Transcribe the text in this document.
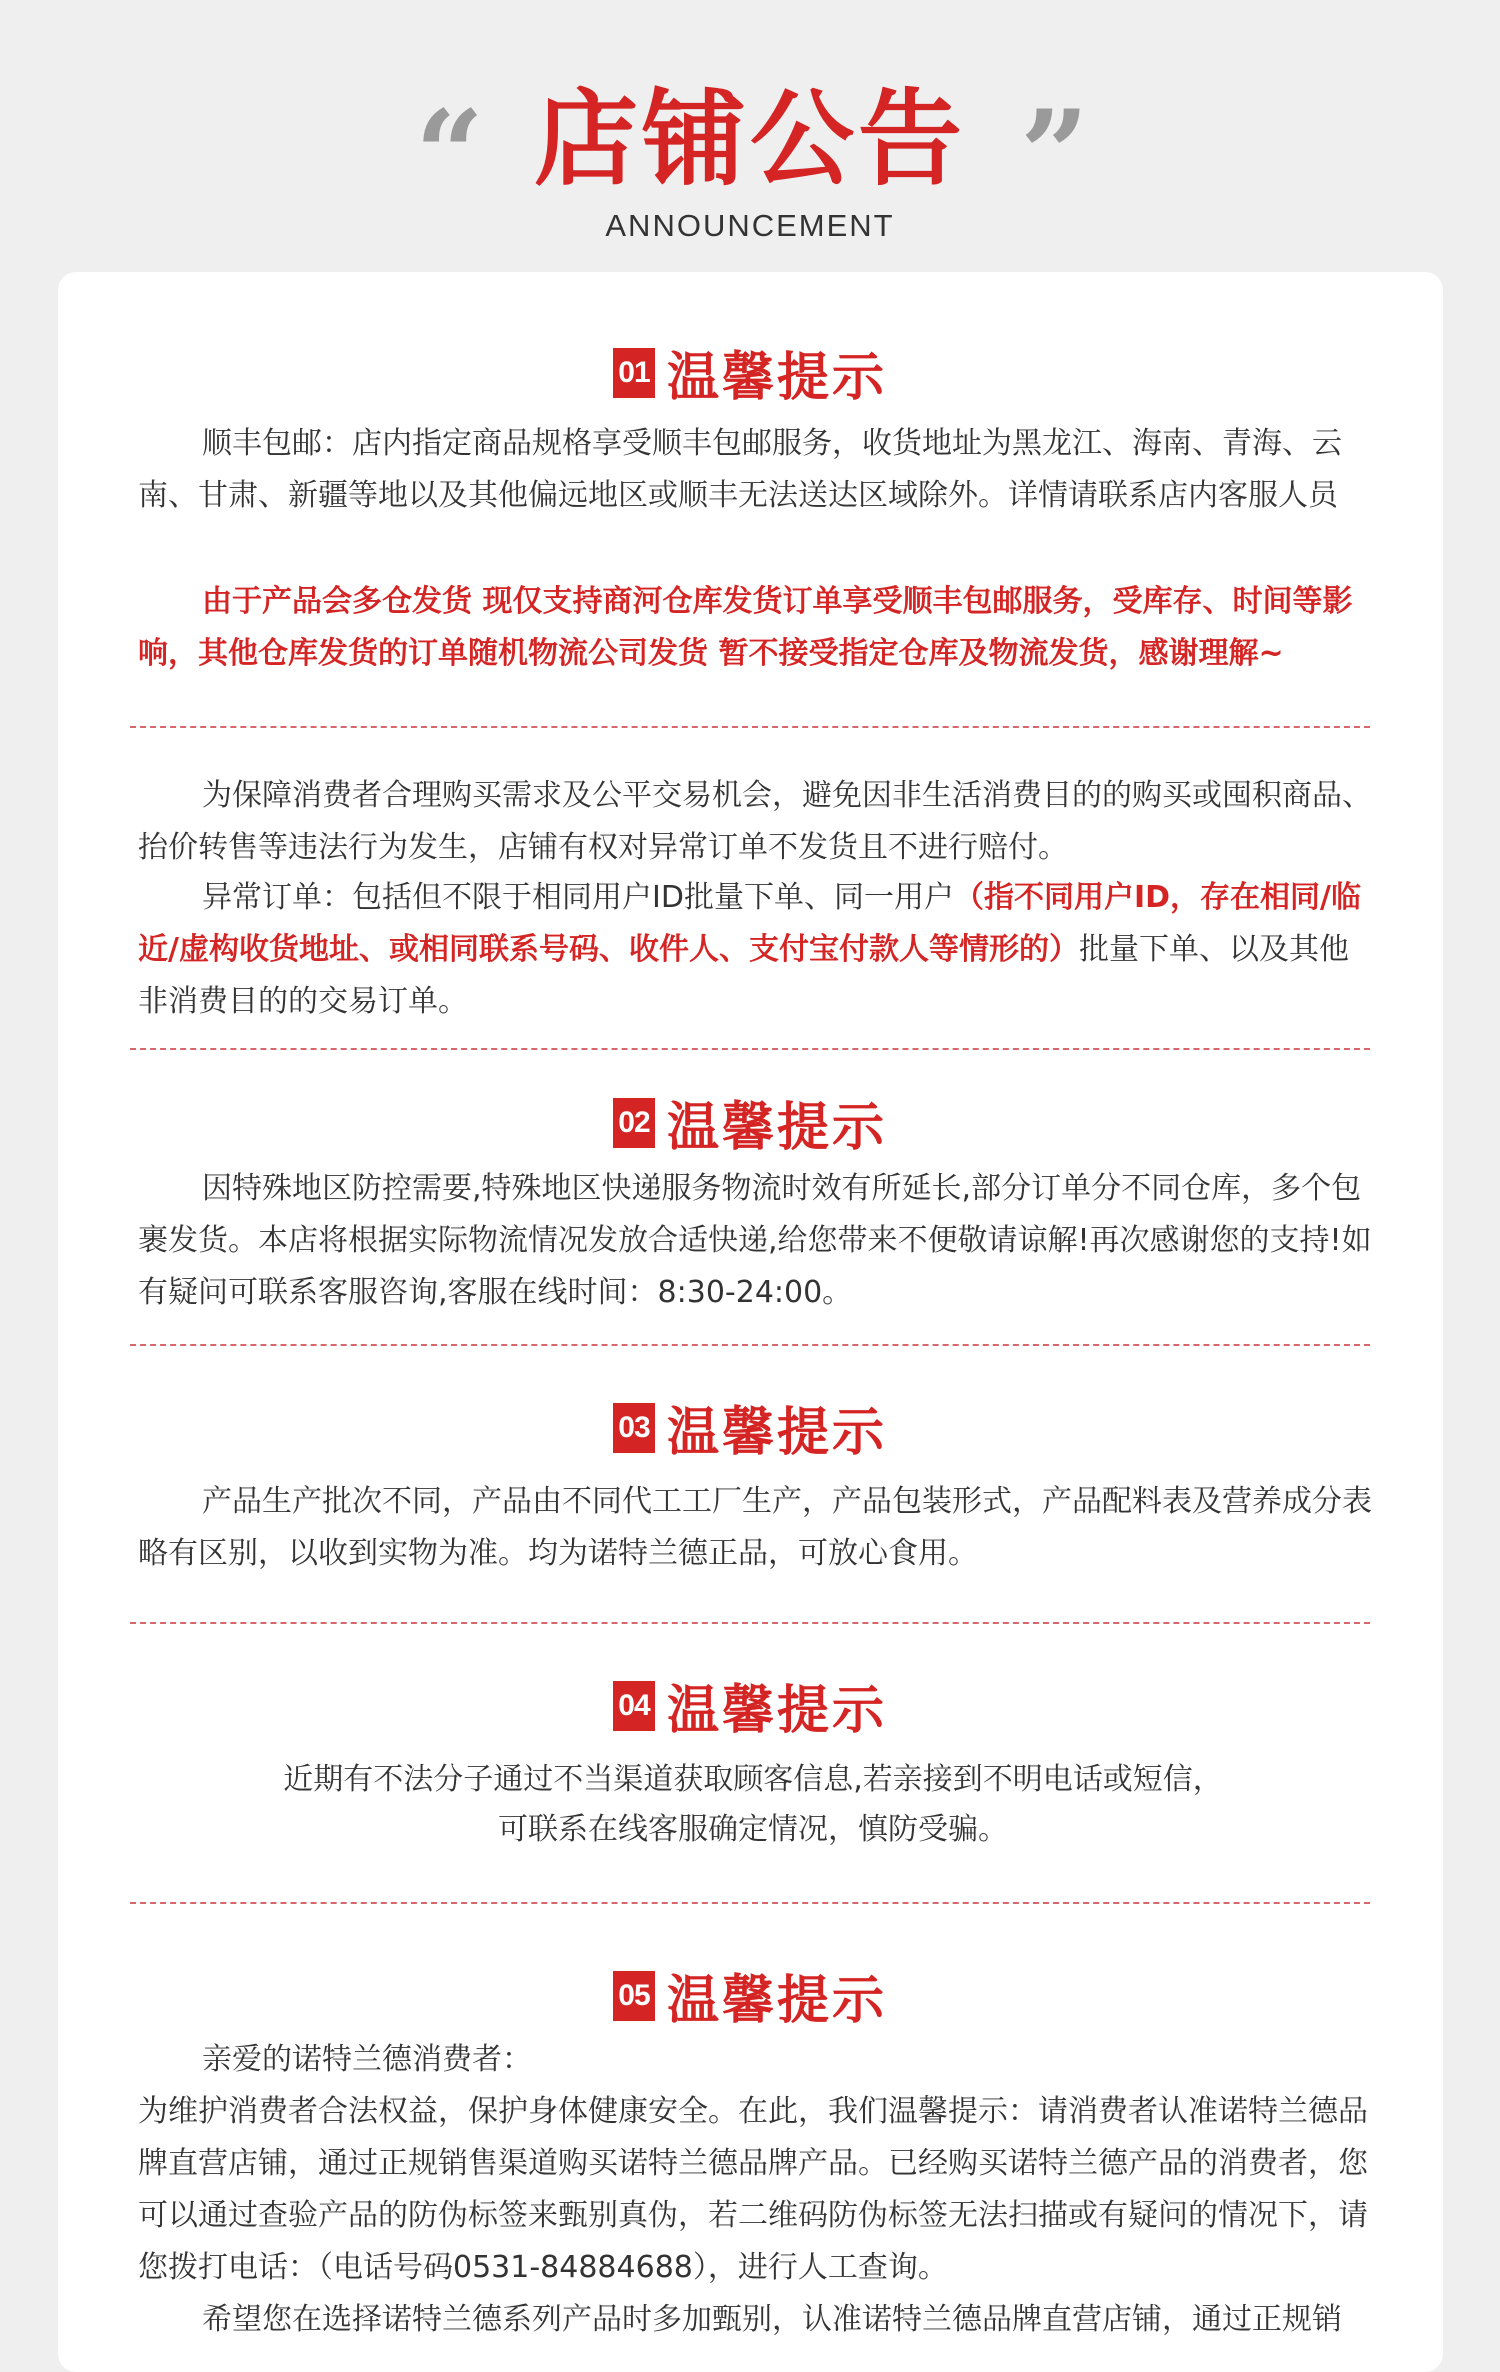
“ 店铺公告 ”
ANNOUNCEMENT
01 温馨提示

顺丰包邮：店内指定商品规格享受顺丰包邮服务，收货地址为黑龙江、海南、青海、云南、甘肃、新疆等地以及其他偏远地区或顺丰无法送达区域除外。详情请联系店内客服人员

由于产品会多仓发货 现仅支持商河仓库发货订单享受顺丰包邮服务，受库存、时间等影响，其他仓库发货的订单随机物流公司发货 暂不接受指定仓库及物流发货，感谢理解~

为保障消费者合理购买需求及公平交易机会，避免因非生活消费目的的购买或囤积商品、抬价转售等违法行为发生，店铺有权对异常订单不发货且不进行赔付。

异常订单：包括但不限于相同用户ID批量下单、同一用户（指不同用户ID，存在相同/临近/虚构收货地址、或相同联系号码、收件人、支付宝付款人等情形的）批量下单、以及其他非消费目的的交易订单。

02 温馨提示

因特殊地区防控需要,特殊地区快递服务物流时效有所延长,部分订单分不同仓库，多个包裹发货。本店将根据实际物流情况发放合适快递,给您带来不便敬请谅解!再次感谢您的支持!如有疑问可联系客服咨询,客服在线时间：8:30-24:00。

03 温馨提示

产品生产批次不同，产品由不同代工工厂生产，产品包装形式，产品配料表及营养成分表略有区别，以收到实物为准。均为诺特兰德正品，可放心食用。

04 温馨提示

近期有不法分子通过不当渠道获取顾客信息,若亲接到不明电话或短信，

可联系在线客服确定情况，慎防受骗。

05 温馨提示

亲爱的诺特兰德消费者：

为维护消费者合法权益，保护身体健康安全。在此，我们温馨提示：请消费者认准诺特兰德品牌直营店铺，通过正规销售渠道购买诺特兰德品牌产品。已经购买诺特兰德产品的消费者，您可以通过查验产品的防伪标签来甄别真伪，若二维码防伪标签无法扫描或有疑问的情况下，请您拨打电话：（电话号码0531-84884688），进行人工查询。

希望您在选择诺特兰德系列产品时多加甄别，认准诺特兰德品牌直营店铺，通过正规销
